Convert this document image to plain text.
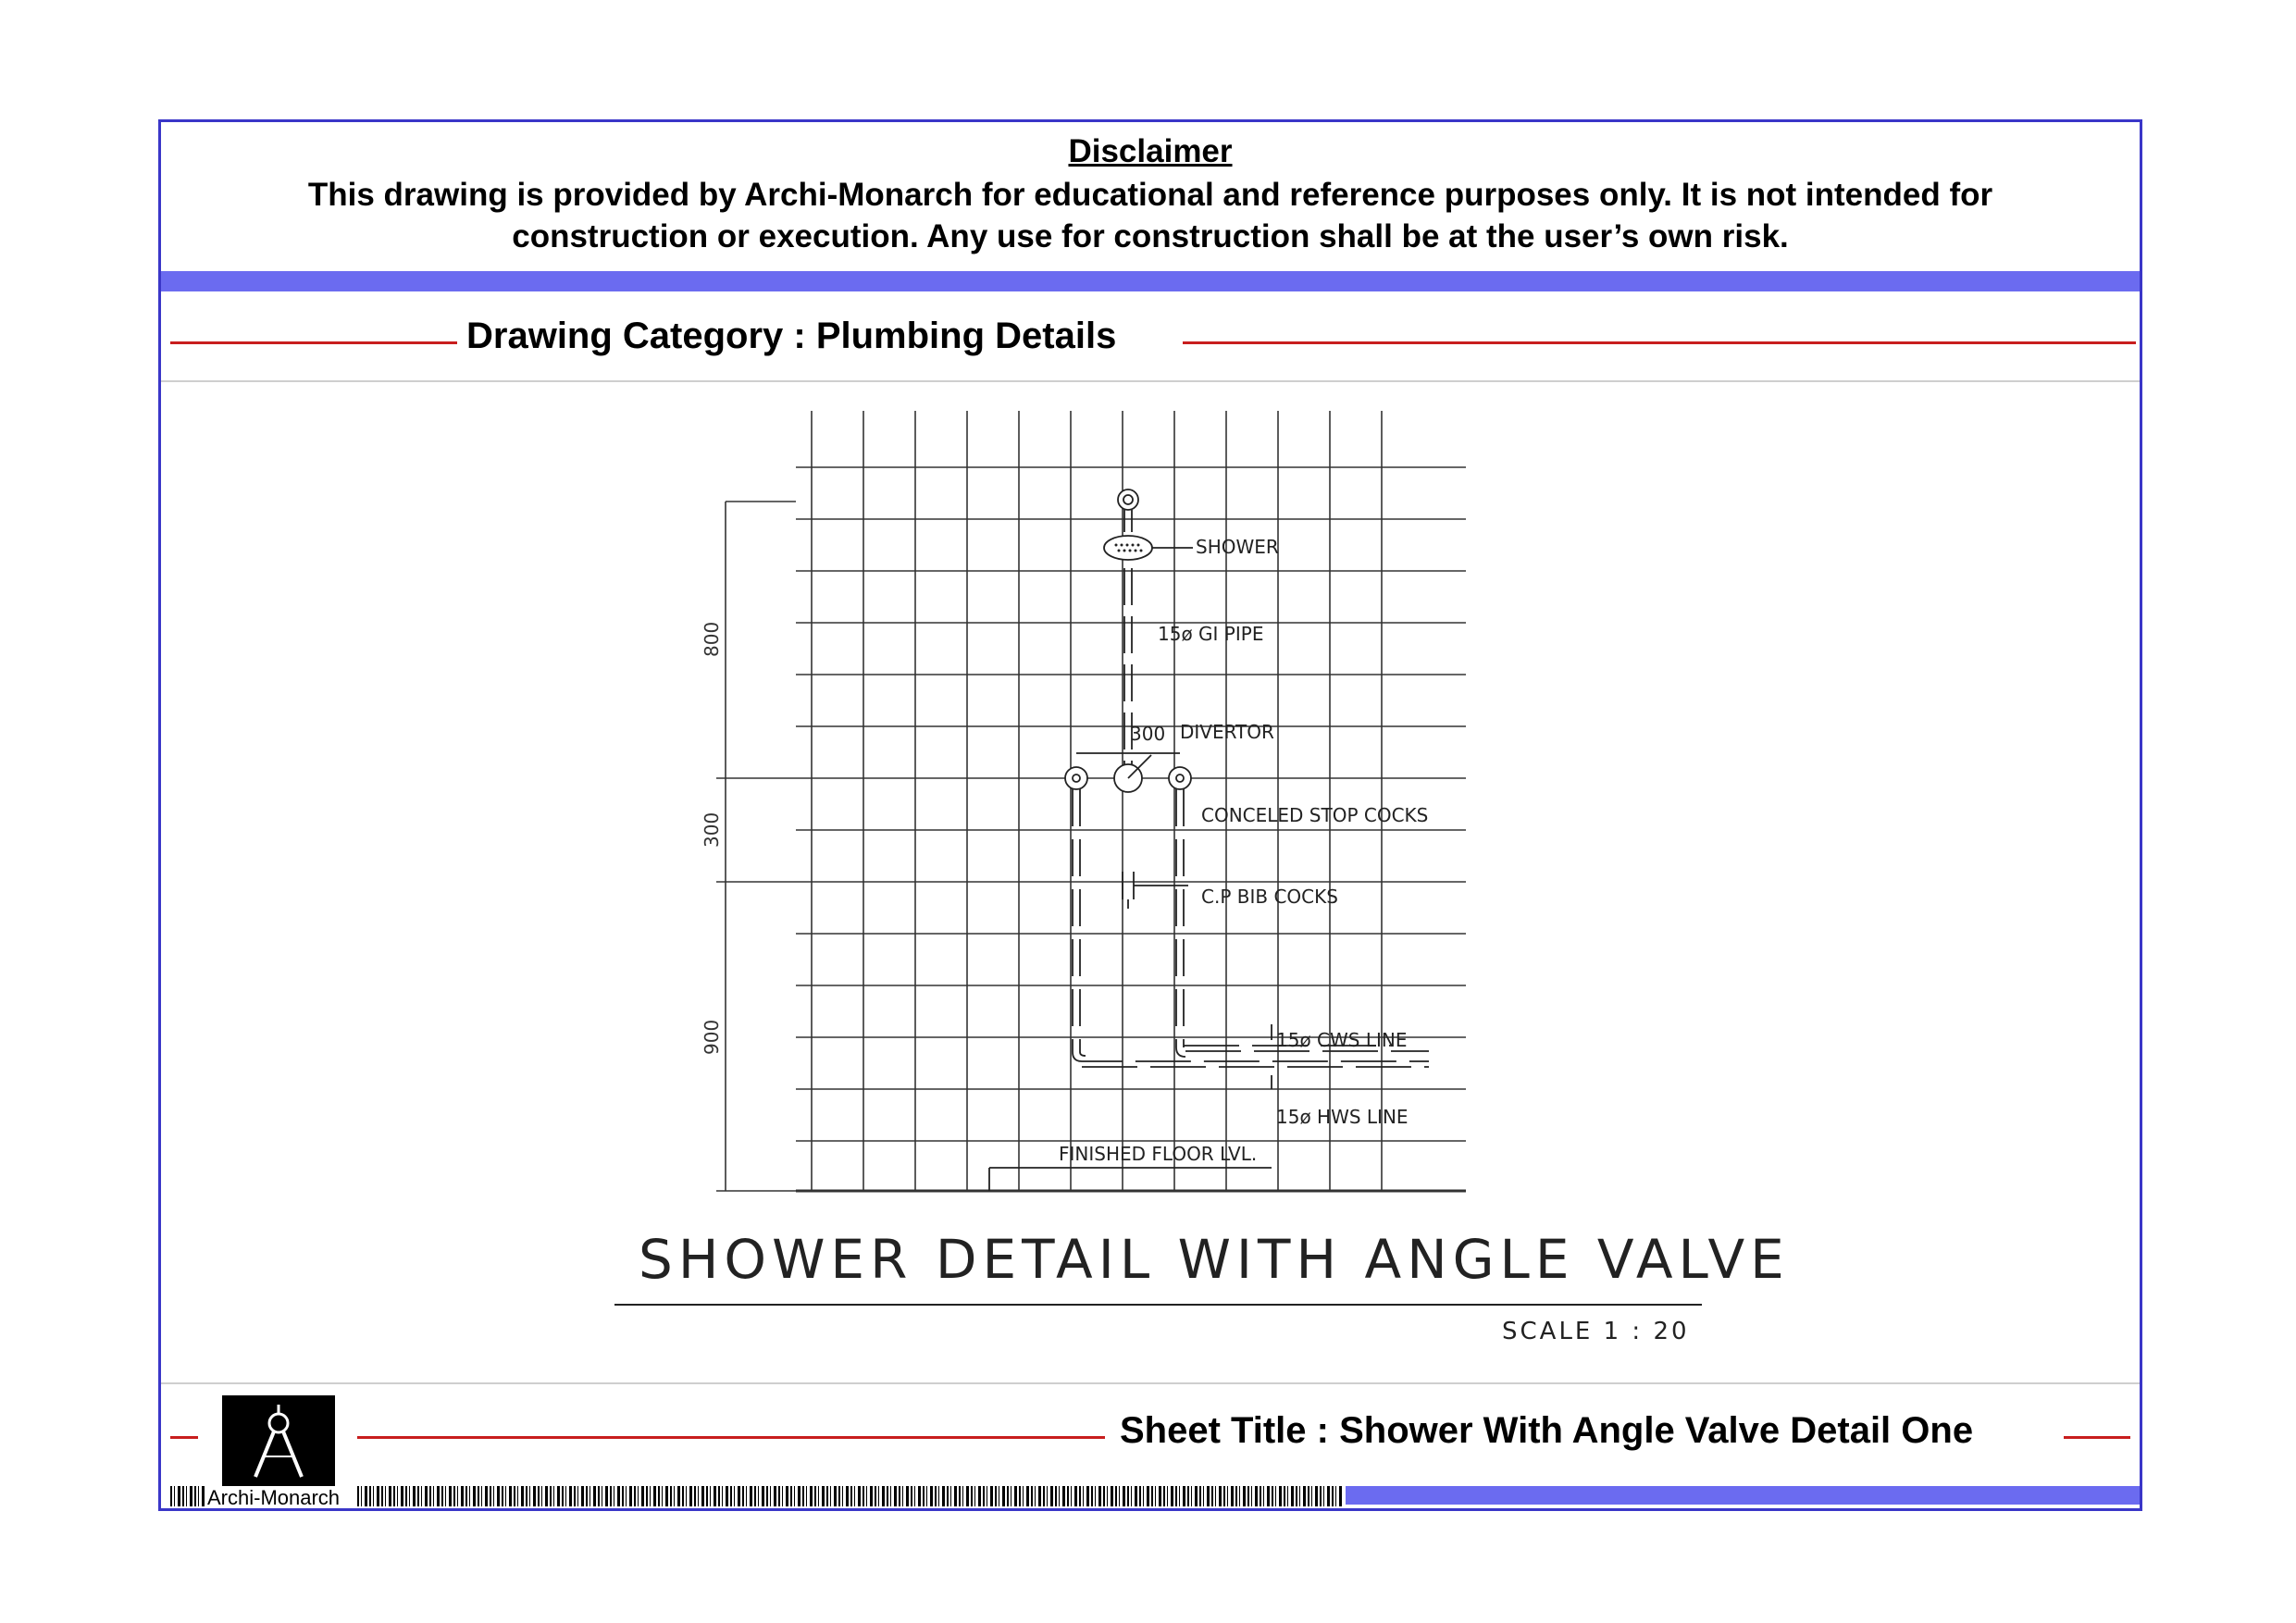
Disclaimer
This drawing is provided by Archi-Monarch for educational and reference purposes only. It is not intended for
construction or execution. Any use for construction shall be at the user’s own risk.
Drawing Category : Plumbing Details
800
300
900
SHOWER
15ø GI PIPE
300 DIVERTOR
CONCELED STOP COCKS
C.P BIB COCKS
15ø CWS LINE
15ø HWS LINE
FINISHED FLOOR LVL.
SHOWER DETAIL WITH ANGLE VALVE
SCALE 1 : 20
Sheet Title : Shower With Angle Valve Detail One
Archi-Monarch
